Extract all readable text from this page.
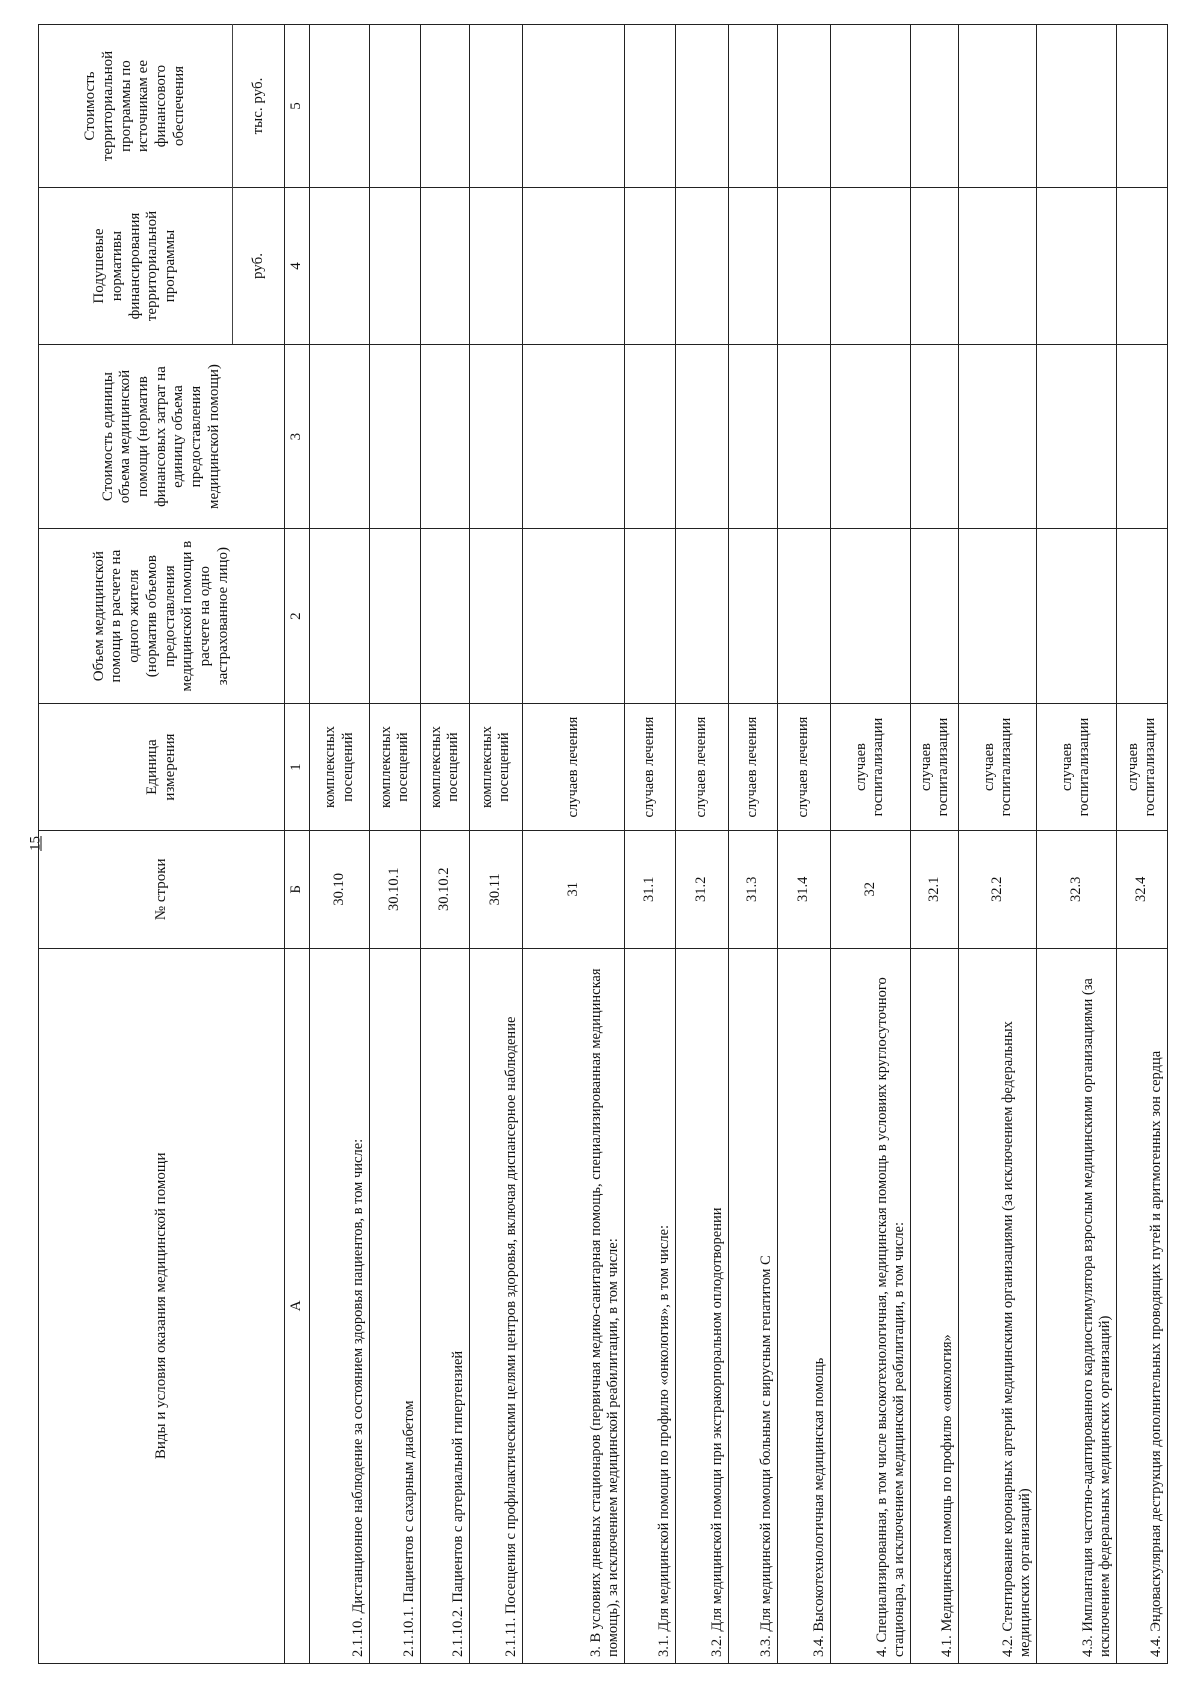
15
Виды и условия оказания медицинской помощи	№ строки	Единица измерения	Объем медицинской помощи в расчете на одного жителя (норматив объемов предоставления медицинской помощи в расчете на одно застрахованное лицо)	Стоимость единицы объема медицинской помощи (норматив финансовых затрат на единицу объема предоставления медицинской помощи)	Подушевые нормативы финансирования территориальной программы	Стоимость территориальной программы по источникам ее финансового обеспечения
					руб.	тыс. руб.
А	Б	1	2	3	4	5
2.1.10. Дистанционное наблюдение за состоянием здоровья пациентов, в том числе:	30.10	комплексных посещений				
2.1.10.1. Пациентов с сахарным диабетом	30.10.1	комплексных посещений				
2.1.10.2. Пациентов с артериальной гипертензией	30.10.2	комплексных посещений				
2.1.11. Посещения с профилактическими целями центров здоровья, включая диспансерное наблюдение	30.11	комплексных посещений				
3. В условиях дневных стационаров (первичная медико-санитарная помощь, специализированная медицинская помощь), за исключением медицинской реабилитации, в том числе:	31	случаев лечения				
3.1. Для медицинской помощи по профилю «онкология», в том числе:	31.1	случаев лечения				
3.2. Для медицинской помощи при экстракорпоральном оплодотворении	31.2	случаев лечения				
3.3. Для медицинской помощи больным с вирусным гепатитом С	31.3	случаев лечения				
3.4. Высокотехнологичная медицинская помощь	31.4	случаев лечения				
4. Специализированная, в том числе высокотехнологичная, медицинская помощь в условиях круглосуточного стационара, за исключением медицинской реабилитации, в том числе:	32	случаев госпитализации				
4.1. Медицинская помощь по профилю «онкология»	32.1	случаев госпитализации				
4.2. Стентирование коронарных артерий медицинскими организациями (за исключением федеральных медицинских организаций)	32.2	случаев госпитализации				
4.3. Имплантация частотно-адаптированного кардиостимулятора взрослым медицинскими организациями (за исключением федеральных медицинских организаций)	32.3	случаев госпитализации				
4.4. Эндоваскулярная деструкция дополнительных проводящих путей и аритмогенных зон сердца	32.4	случаев госпитализации				
